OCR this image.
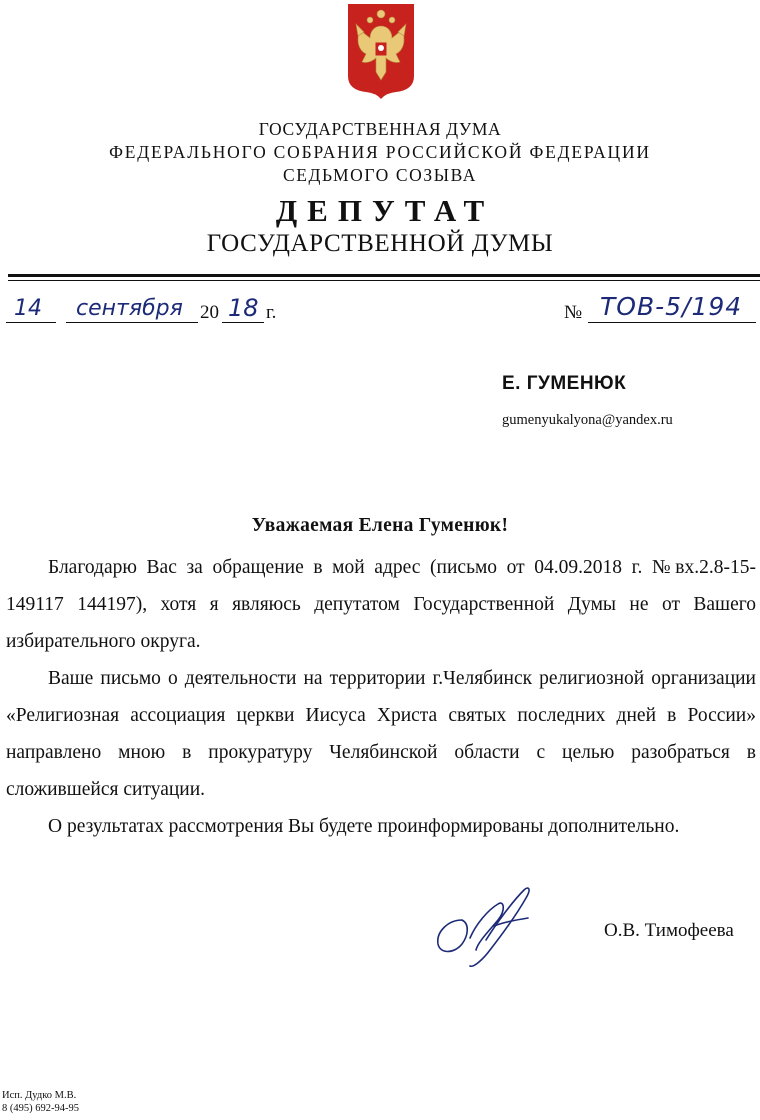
ГОСУДАРСТВЕННАЯ ДУМА
ФЕДЕРАЛЬНОГО СОБРАНИЯ РОССИЙСКОЙ ФЕДЕРАЦИИ
СЕДЬМОГО СОЗЫВА
ДЕПУТАТ
ГОСУДАРСТВЕННОЙ ДУМЫ
14 сентября 20 18 г.	№ ТОВ-5/194
Е. ГУМЕНЮК
gumenyukalyona@yandex.ru
Уважаемая Елена Гуменюк!

Благодарю Вас за обращение в мой адрес (письмо от 04.09.2018 г. №вх.2.8-15-149117 144197), хотя я являюсь депутатом Государственной Думы не от Вашего избирательного округа.

Ваше письмо о деятельности на территории г.Челябинск религиозной организации «Религиозная ассоциация церкви Иисуса Христа святых последних дней в России» направлено мною в прокуратуру Челябинской области с целью разобраться в сложившейся ситуации.

О результатах рассмотрения Вы будете проинформированы дополнительно.

О.В. Тимофеева
Исп. Дудко М.В.
8 (495) 692-94-95
